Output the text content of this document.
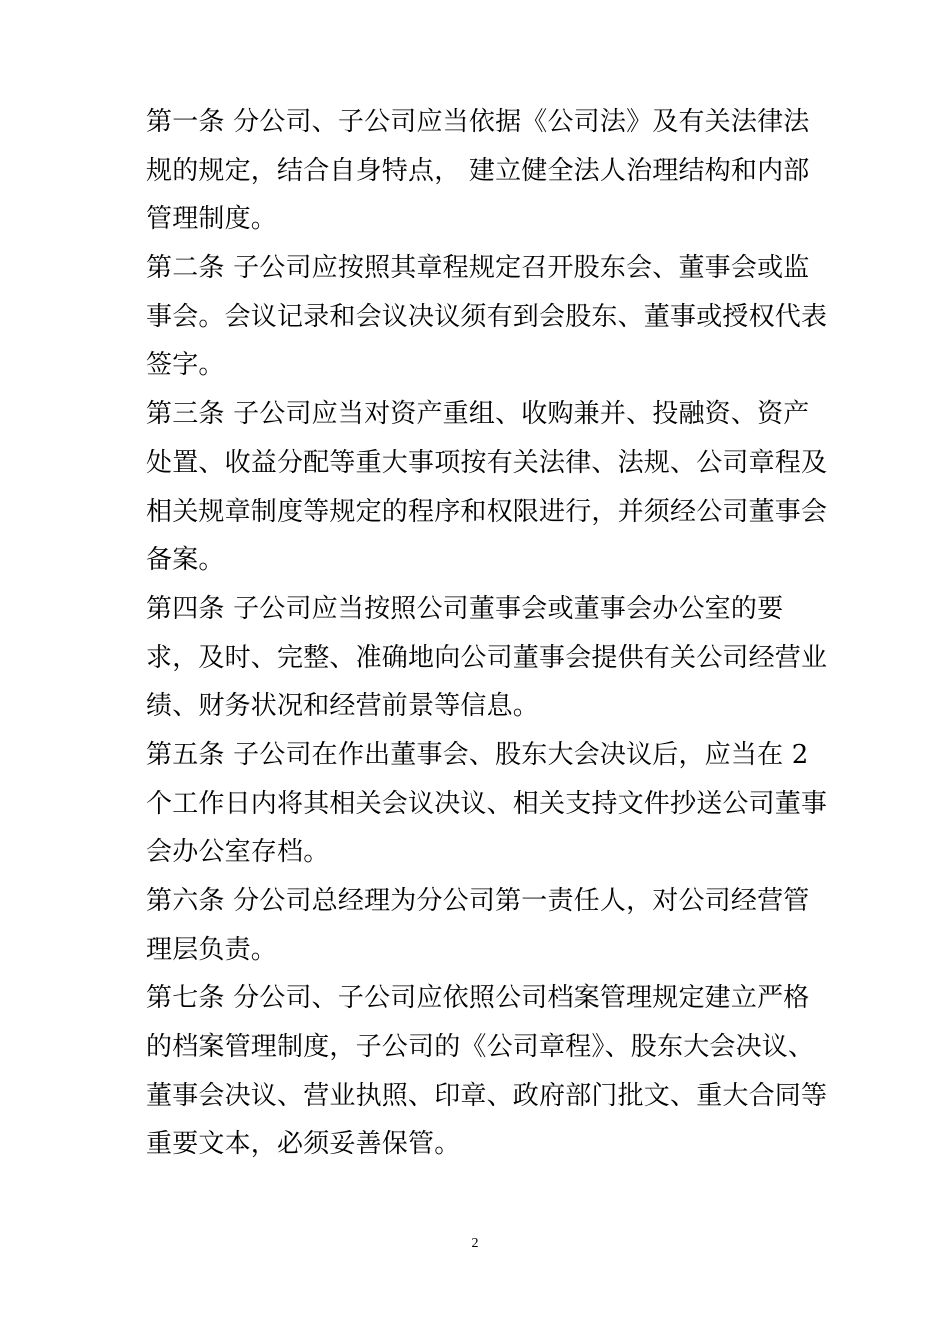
第一条 分公司、子公司应当依据《公司法》及有关法律法
规的规定，结合自身特点， 建立健全法人治理结构和内部
管理制度。
第二条 子公司应按照其章程规定召开股东会、董事会或监
事会。会议记录和会议决议须有到会股东、董事或授权代表
签字。
第三条 子公司应当对资产重组、收购兼并、投融资、资产
处置、收益分配等重大事项按有关法律、法规、公司章程及
相关规章制度等规定的程序和权限进行，并须经公司董事会
备案。
第四条 子公司应当按照公司董事会或董事会办公室的要
求，及时、完整、准确地向公司董事会提供有关公司经营业
绩、财务状况和经营前景等信息。
第五条 子公司在作出董事会、股东大会决议后，应当在 2
个工作日内将其相关会议决议、相关支持文件抄送公司董事
会办公室存档。
第六条 分公司总经理为分公司第一责任人，对公司经营管
理层负责。
第七条 分公司、子公司应依照公司档案管理规定建立严格
的档案管理制度，子公司的《公司章程》、股东大会决议、
董事会决议、营业执照、印章、政府部门批文、重大合同等
重要文本，必须妥善保管。
2
